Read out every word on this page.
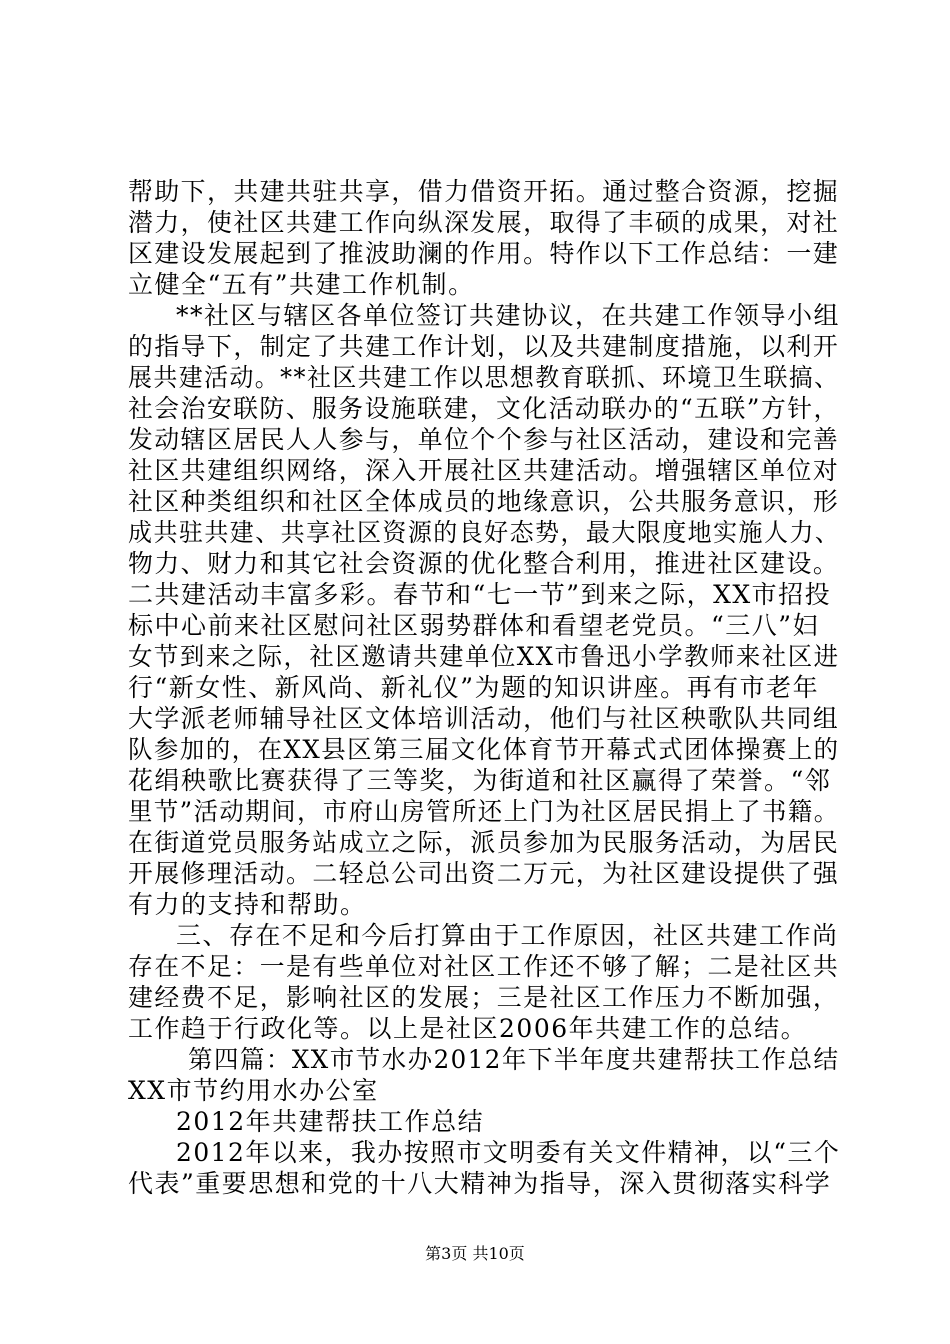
帮助下，共建共驻共享，借力借资开拓。通过整合资源，挖掘
潜力，使社区共建工作向纵深发展，取得了丰硕的成果，对社
区建设发展起到了推波助澜的作用。特作以下工作总结：一建
立健全“五有”共建工作机制。
**社区与辖区各单位签订共建协议，在共建工作领导小组
的指导下，制定了共建工作计划，以及共建制度措施，以利开
展共建活动。**社区共建工作以思想教育联抓、环境卫生联搞、
社会治安联防、服务设施联建，文化活动联办的“五联”方针，
发动辖区居民人人参与，单位个个参与社区活动，建设和完善
社区共建组织网络，深入开展社区共建活动。增强辖区单位对
社区种类组织和社区全体成员的地缘意识，公共服务意识，形
成共驻共建、共享社区资源的良好态势，最大限度地实施人力、
物力、财力和其它社会资源的优化整合利用，推进社区建设。
二共建活动丰富多彩。春节和“七一节”到来之际，XX市招投
标中心前来社区慰问社区弱势群体和看望老党员。“三八”妇
女节到来之际，社区邀请共建单位XX市鲁迅小学教师来社区进
行“新女性、新风尚、新礼仪”为题的知识讲座。再有市老年
大学派老师辅导社区文体培训活动，他们与社区秧歌队共同组
队参加的，在XX县区第三届文化体育节开幕式式团体操赛上的
花绢秧歌比赛获得了三等奖，为街道和社区赢得了荣誉。“邻
里节”活动期间，市府山房管所还上门为社区居民捐上了书籍。
在街道党员服务站成立之际，派员参加为民服务活动，为居民
开展修理活动。二轻总公司出资二万元，为社区建设提供了强
有力的支持和帮助。
三、存在不足和今后打算由于工作原因，社区共建工作尚
存在不足：一是有些单位对社区工作还不够了解；二是社区共
建经费不足，影响社区的发展；三是社区工作压力不断加强，
工作趋于行政化等。以上是社区2006年共建工作的总结。
第四篇：XX市节水办2012年下半年度共建帮扶工作总结
XX市节约用水办公室
2012年共建帮扶工作总结
2012年以来，我办按照市文明委有关文件精神，以“三个
代表”重要思想和党的十八大精神为指导，深入贯彻落实科学
第3页 共10页
